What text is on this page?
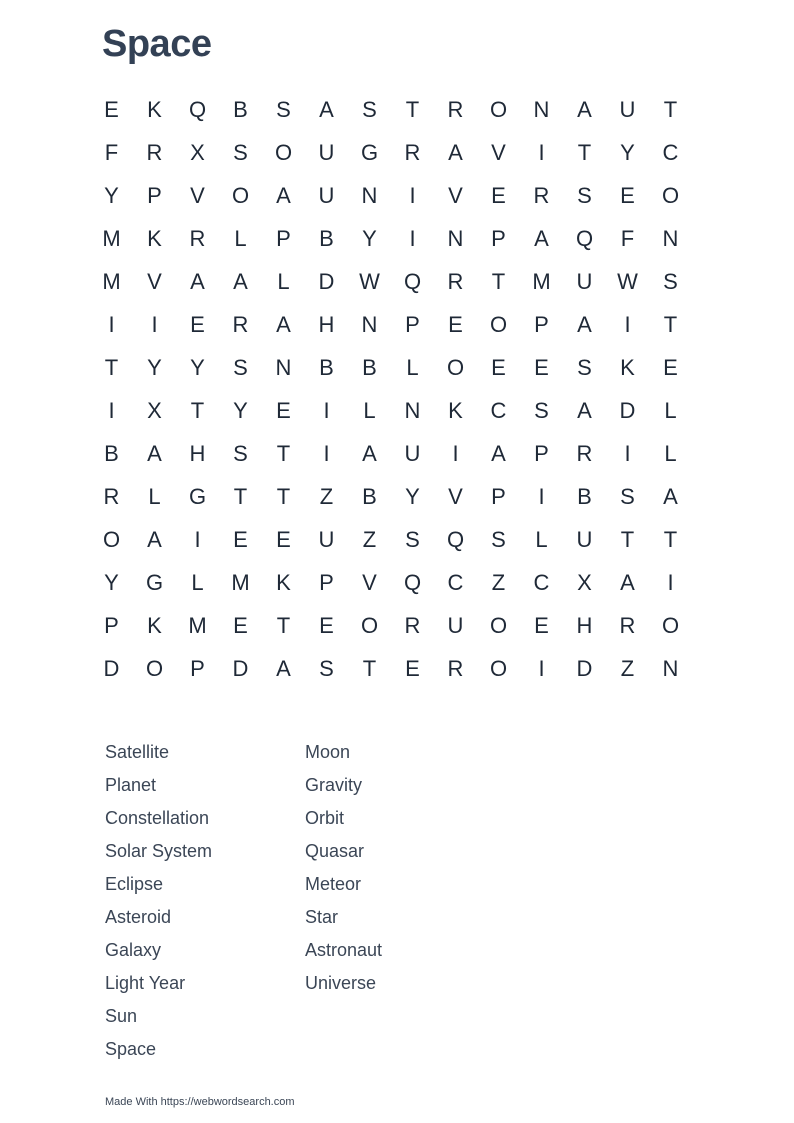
Space
E	K	Q	B	S	A	S	T	R	O	N	A	U	T
F	R	X	S	O	U	G	R	A	V	I	T	Y	C
Y	P	V	O	A	U	N	I	V	E	R	S	E	O
M	K	R	L	P	B	Y	I	N	P	A	Q	F	N
M	V	A	A	L	D	W	Q	R	T	M	U	W	S
I	I	E	R	A	H	N	P	E	O	P	A	I	T
T	Y	Y	S	N	B	B	L	O	E	E	S	K	E
I	X	T	Y	E	I	L	N	K	C	S	A	D	L
B	A	H	S	T	I	A	U	I	A	P	R	I	L
R	L	G	T	T	Z	B	Y	V	P	I	B	S	A
O	A	I	E	E	U	Z	S	Q	S	L	U	T	T
Y	G	L	M	K	P	V	Q	C	Z	C	X	A	I
P	K	M	E	T	E	O	R	U	O	E	H	R	O
D	O	P	D	A	S	T	E	R	O	I	D	Z	N
Satellite
Planet
Constellation
Solar System
Eclipse
Asteroid
Galaxy
Light Year
Sun
Space
Moon
Gravity
Orbit
Quasar
Meteor
Star
Astronaut
Universe
Made With https://webwordsearch.com
